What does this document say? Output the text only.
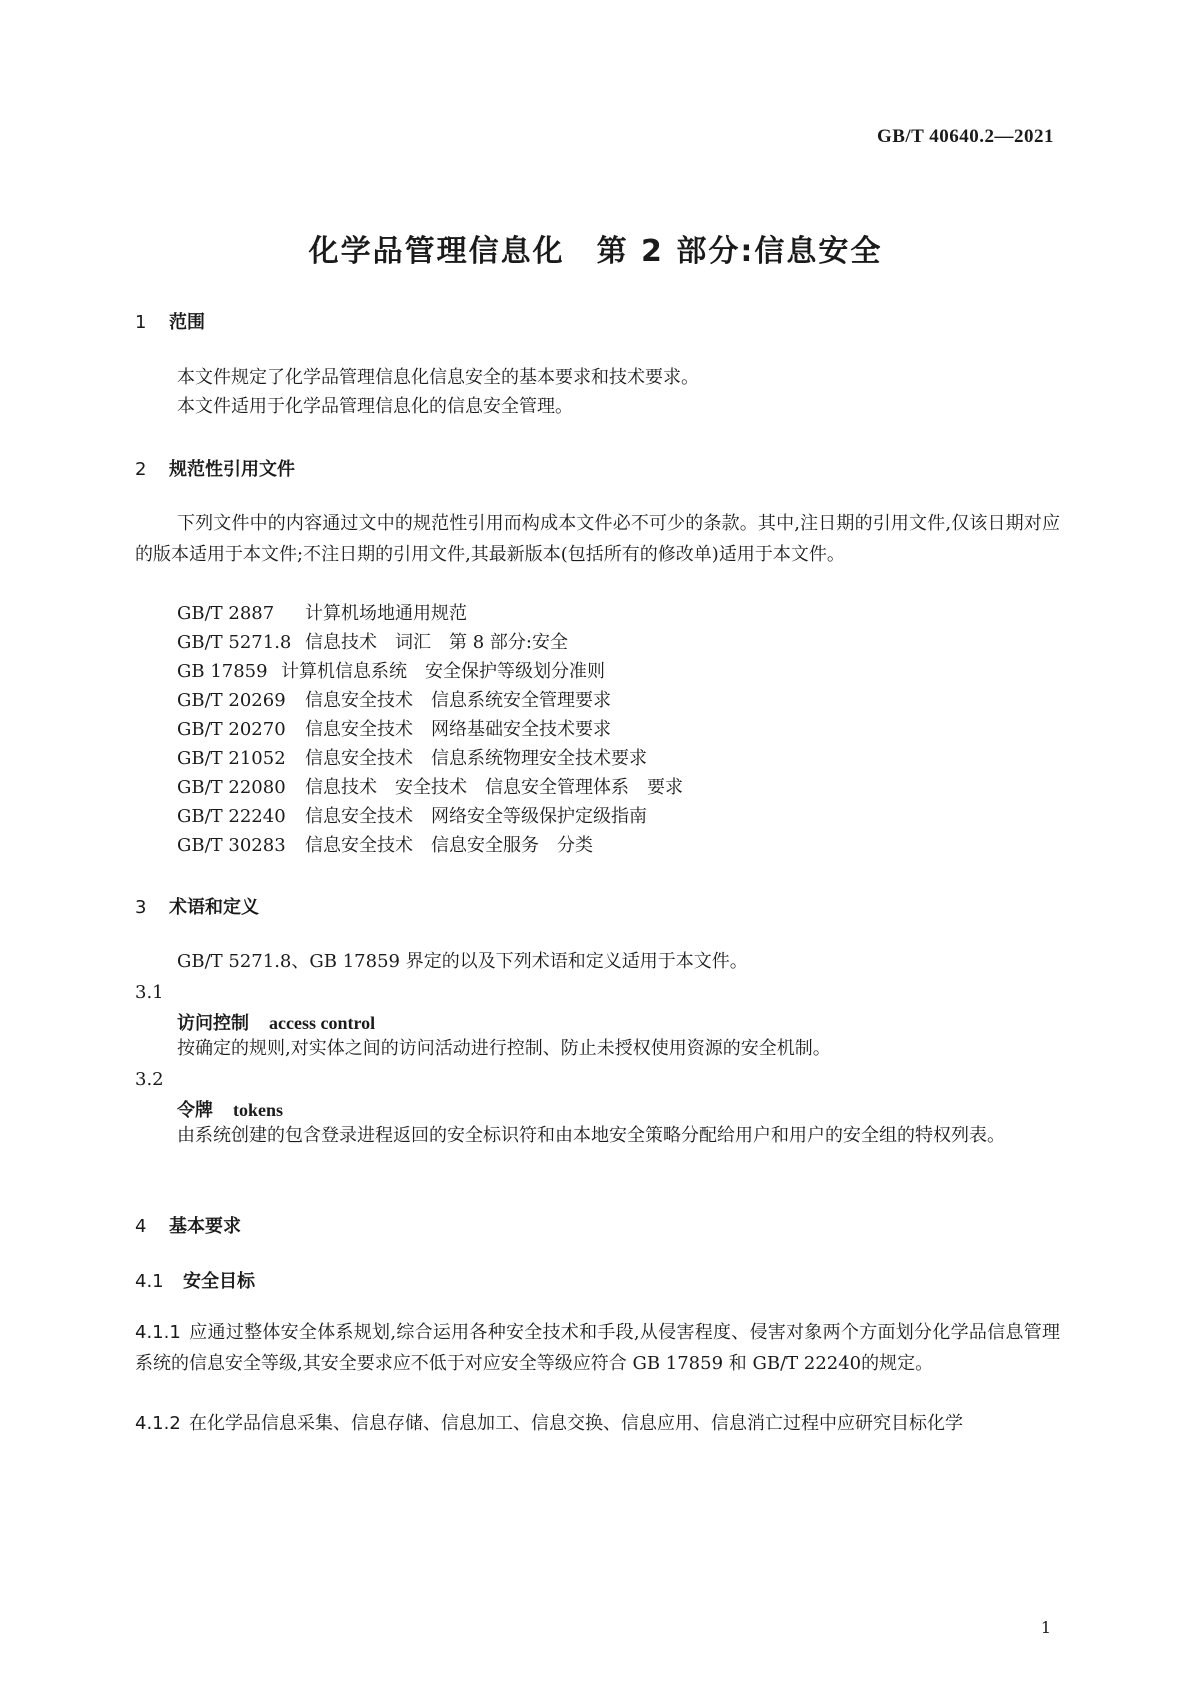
GB/T 40640.2—2021
化学品管理信息化　第 2 部分:信息安全
1 范围

本文件规定了化学品管理信息化信息安全的基本要求和技术要求。

本文件适用于化学品管理信息化的信息安全管理。

2 规范性引用文件

下列文件中的内容通过文中的规范性引用而构成本文件必不可少的条款。其中,注日期的引用文件,仅该日期对应的版本适用于本文件;不注日期的引用文件,其最新版本(包括所有的修改单)适用于本文件。

GB/T 2887 计算机场地通用规范

GB/T 5271.8 信息技术　词汇　第 8 部分:安全

GB 17859 计算机信息系统　安全保护等级划分准则

GB/T 20269 信息安全技术　信息系统安全管理要求

GB/T 20270 信息安全技术　网络基础安全技术要求

GB/T 21052 信息安全技术　信息系统物理安全技术要求

GB/T 22080 信息技术　安全技术　信息安全管理体系　要求

GB/T 22240 信息安全技术　网络安全等级保护定级指南

GB/T 30283 信息安全技术　信息安全服务　分类

3 术语和定义

GB/T 5271.8、GB 17859 界定的以及下列术语和定义适用于本文件。

3.1

访问控制 access control

按确定的规则,对实体之间的访问活动进行控制、防止未授权使用资源的安全机制。

3.2

令牌 tokens

由系统创建的包含登录进程返回的安全标识符和由本地安全策略分配给用户和用户的安全组的特权列表。

4 基本要求
4.1 安全目标

4.1.1 应通过整体安全体系规划,综合运用各种安全技术和手段,从侵害程度、侵害对象两个方面划分化学品信息管理系统的信息安全等级,其安全要求应不低于对应安全等级应符合 GB 17859 和 GB/T 22240的规定。

4.1.2 在化学品信息采集、信息存储、信息加工、信息交换、信息应用、信息消亡过程中应研究目标化学

1
